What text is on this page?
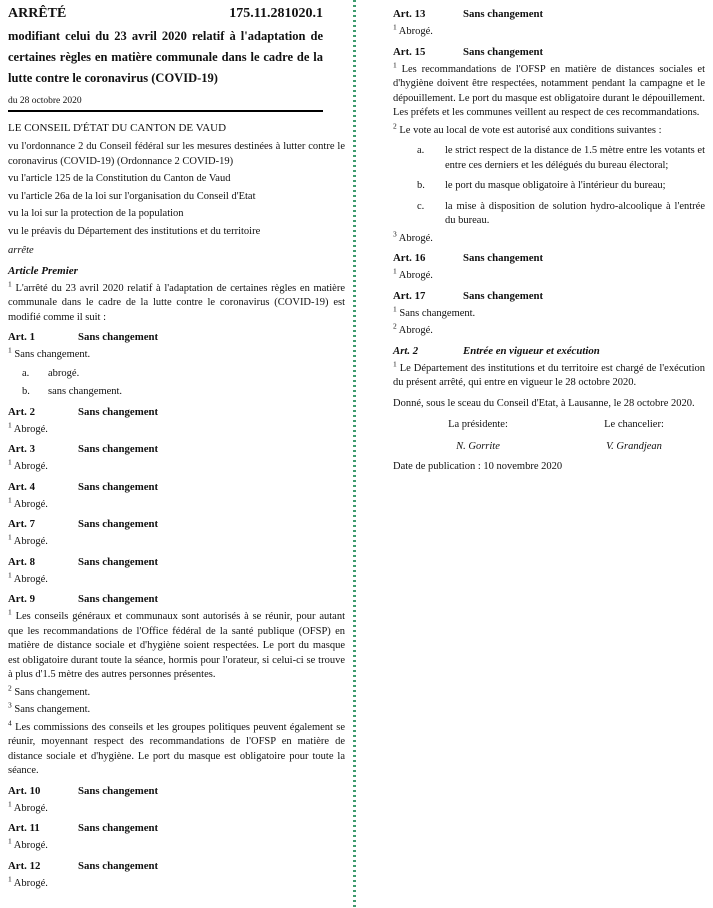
ARRÊTÉ	175.11.281020.1
modifiant celui du 23 avril 2020 relatif à l'adaptation de certaines règles en matière communale dans le cadre de la lutte contre le coronavirus (COVID-19)
du 28 octobre 2020
LE CONSEIL D'ÉTAT DU CANTON DE VAUD
vu l'ordonnance 2 du Conseil fédéral sur les mesures destinées à lutter contre le coronavirus (COVID-19) (Ordonnance 2 COVID-19)
vu l'article 125 de la Constitution du Canton de Vaud
vu l'article 26a de la loi sur l'organisation du Conseil d'Etat
vu la loi sur la protection de la population
vu le préavis du Département des institutions et du territoire
arrête
Article Premier
$^1$ L'arrêté du 23 avril 2020 relatif à l'adaptation de certaines règles en matière communale dans le cadre de la lutte contre le coronavirus (COVID-19) est modifié comme il suit :
Art. 1	Sans changement
$^1$ Sans changement.
a.	abrogé.
b.	sans changement.
Art. 2	Sans changement
$^1$ Abrogé.
Art. 3	Sans changement
$^1$ Abrogé.
Art. 4	Sans changement
$^1$ Abrogé.
Art. 7	Sans changement
$^1$ Abrogé.
Art. 8	Sans changement
$^1$ Abrogé.
Art. 9	Sans changement
$^1$ Les conseils généraux et communaux sont autorisés à se réunir, pour autant que les recommandations de l'Office fédéral de la santé publique (OFSP) en matière de distance sociale et d'hygiène soient respectées. Le port du masque est obligatoire durant toute la séance, hormis pour l'orateur, si celui-ci se trouve à plus d'1.5 mètre des autres personnes présentes.
$^2$ Sans changement.
$^3$ Sans changement.
$^4$ Les commissions des conseils et les groupes politiques peuvent également se réunir, moyennant respect des recommandations de l'OFSP en matière de distance sociale et d'hygiène. Le port du masque est obligatoire pour toute la séance.
Art. 10	Sans changement
$^1$ Abrogé.
Art. 11	Sans changement
$^1$ Abrogé.
Art. 12	Sans changement
$^1$ Abrogé.
Art. 13	Sans changement
$^1$ Abrogé.
Art. 15	Sans changement
$^1$ Les recommandations de l'OFSP en matière de distances sociales et d'hygiène doivent être respectées, notamment pendant la campagne et le dépouillement. Le port du masque est obligatoire durant le dépouillement. Les préfets et les communes veillent au respect de ces recommandations.
$^2$ Le vote au local de vote est autorisé aux conditions suivantes :
a.	le strict respect de la distance de 1.5 mètre entre les votants et entre ces derniers et les délégués du bureau électoral;
b.	le port du masque obligatoire à l'intérieur du bureau;
c.	la mise à disposition de solution hydro-alcoolique à l'entrée du bureau.
$^3$ Abrogé.
Art. 16	Sans changement
$^1$ Abrogé.
Art. 17	Sans changement
$^1$ Sans changement.
$^2$ Abrogé.
Art. 2	Entrée en vigueur et exécution
$^1$ Le Département des institutions et du territoire est chargé de l'exécution du présent arrêté, qui entre en vigueur le 28 octobre 2020.
Donné, sous le sceau du Conseil d'Etat, à Lausanne, le 28 octobre 2020.
La présidente:	Le chancelier:
N. Gorrite	V. Grandjean
Date de publication : 10 novembre 2020
